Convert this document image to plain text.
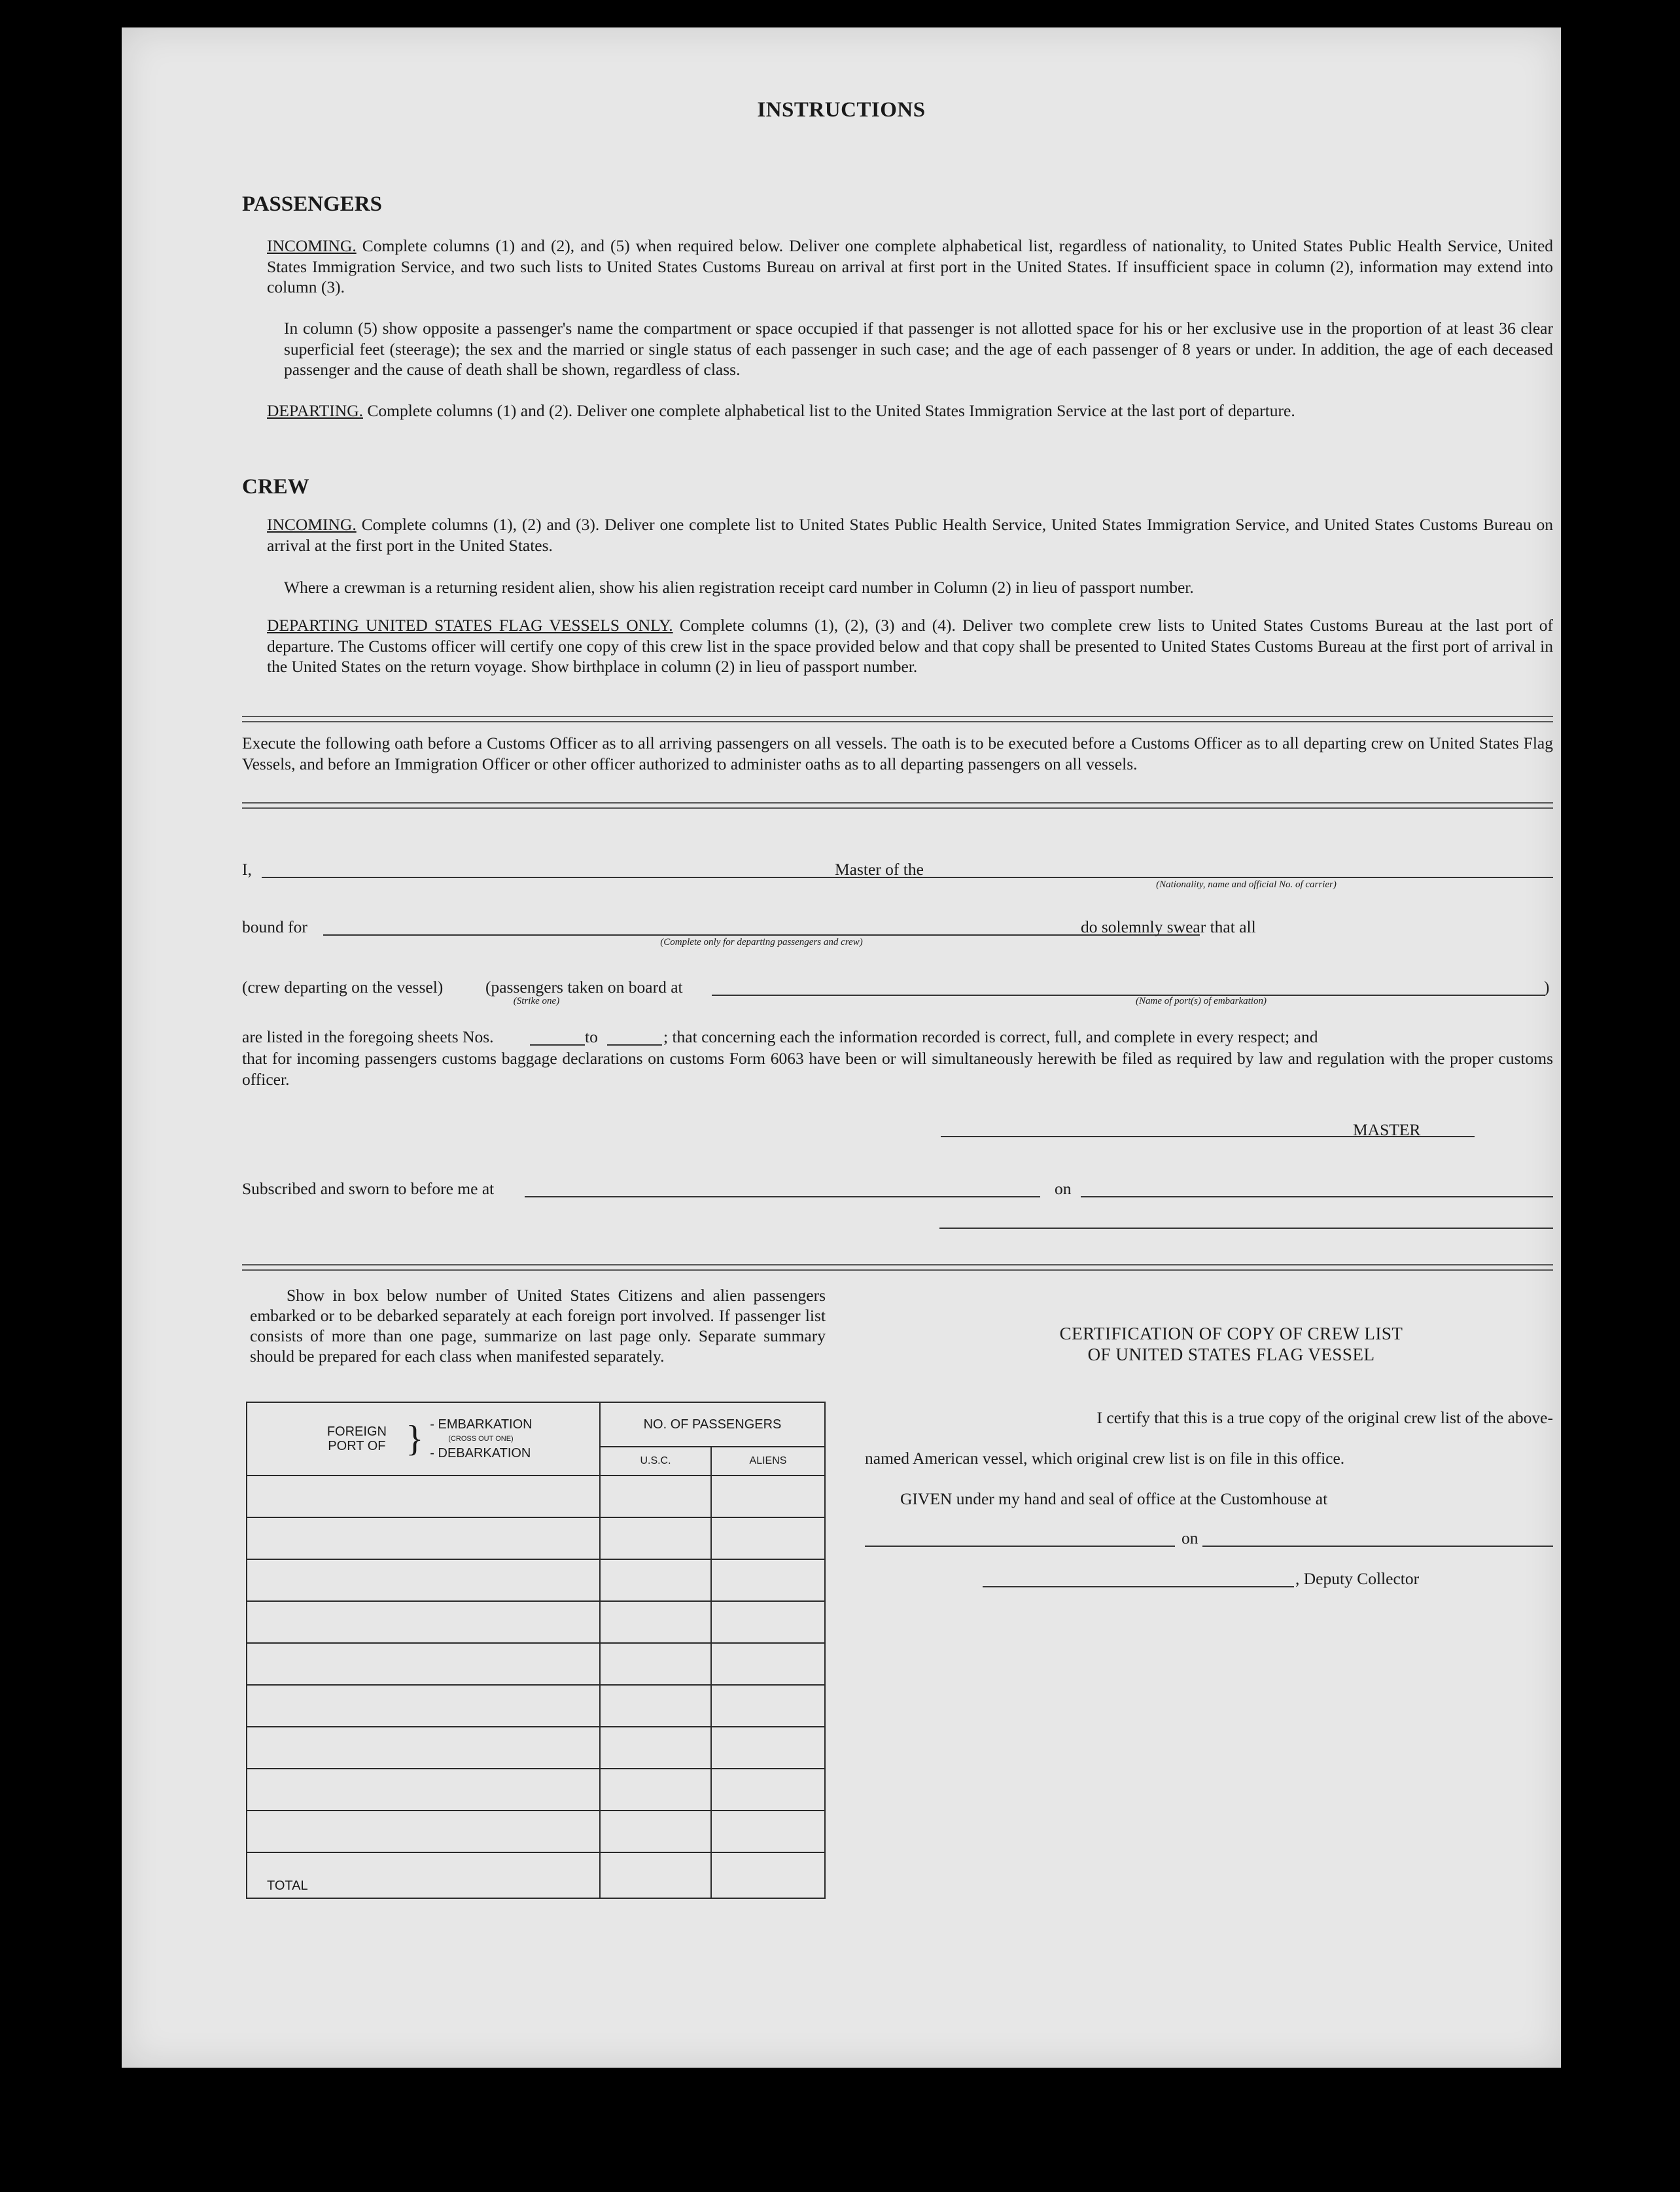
INSTRUCTIONS
PASSENGERS
INCOMING. Complete columns (1) and (2), and (5) when required below. Deliver one complete alphabetical list, regardless of nationality, to United States Public Health Service, United States Immigration Service, and two such lists to United States Customs Bureau on arrival at first port in the United States. If insufficient space in column (2), information may extend into column (3).
In column (5) show opposite a passenger's name the compartment or space occupied if that passenger is not allotted space for his or her exclusive use in the proportion of at least 36 clear superficial feet (steerage); the sex and the married or single status of each passenger in such case; and the age of each passenger of 8 years or under. In addition, the age of each deceased passenger and the cause of death shall be shown, regardless of class.
DEPARTING. Complete columns (1) and (2). Deliver one complete alphabetical list to the United States Immigration Service at the last port of departure.
CREW
INCOMING. Complete columns (1), (2) and (3). Deliver one complete list to United States Public Health Service, United States Immigration Service, and United States Customs Bureau on arrival at the first port in the United States.
Where a crewman is a returning resident alien, show his alien registration receipt card number in Column (2) in lieu of passport number.
DEPARTING UNITED STATES FLAG VESSELS ONLY. Complete columns (1), (2), (3) and (4). Deliver two complete crew lists to United States Customs Bureau at the last port of departure. The Customs officer will certify one copy of this crew list in the space provided below and that copy shall be presented to United States Customs Bureau at the first port of arrival in the United States on the return voyage. Show birthplace in column (2) in lieu of passport number.
Execute the following oath before a Customs Officer as to all arriving passengers on all vessels. The oath is to be executed before a Customs Officer as to all departing crew on United States Flag Vessels, and before an Immigration Officer or other officer authorized to administer oaths as to all departing passengers on all vessels.
I,	Master of the
(Nationality, name and official No. of carrier)
bound for	do solemnly swear that all
(Complete only for departing passengers and crew)
(crew departing on the vessel)	(passengers taken on board at	)
(Strike one)	(Name of port(s) of embarkation)
are listed in the foregoing sheets Nos.	to	; that concerning each the information recorded is correct, full, and complete in every respect; and
that for incoming passengers customs baggage declarations on customs Form 6063 have been or will simultaneously herewith be filed as required by law and regulation with the proper customs officer.
MASTER
Subscribed and sworn to before me at	on
Show in box below number of United States Citizens and alien passengers embarked or to be debarked separately at each foreign port involved. If passenger list consists of more than one page, summarize on last page only. Separate summary should be prepared for each class when manifested separately.
FOREIGN PORT OF } - EMBARKATION
(CROSS OUT ONE)
- DEBARKATION	NO. OF PASSENGERS	
	U.S.C.	ALIENS

TOTAL		
CERTIFICATION OF COPY OF CREW LIST
OF UNITED STATES FLAG VESSEL
I certify that this is a true copy of the original crew list of the above-
named American vessel, which original crew list is on file in this office.
GIVEN under my hand and seal of office at the Customhouse at
on
, Deputy Collector
